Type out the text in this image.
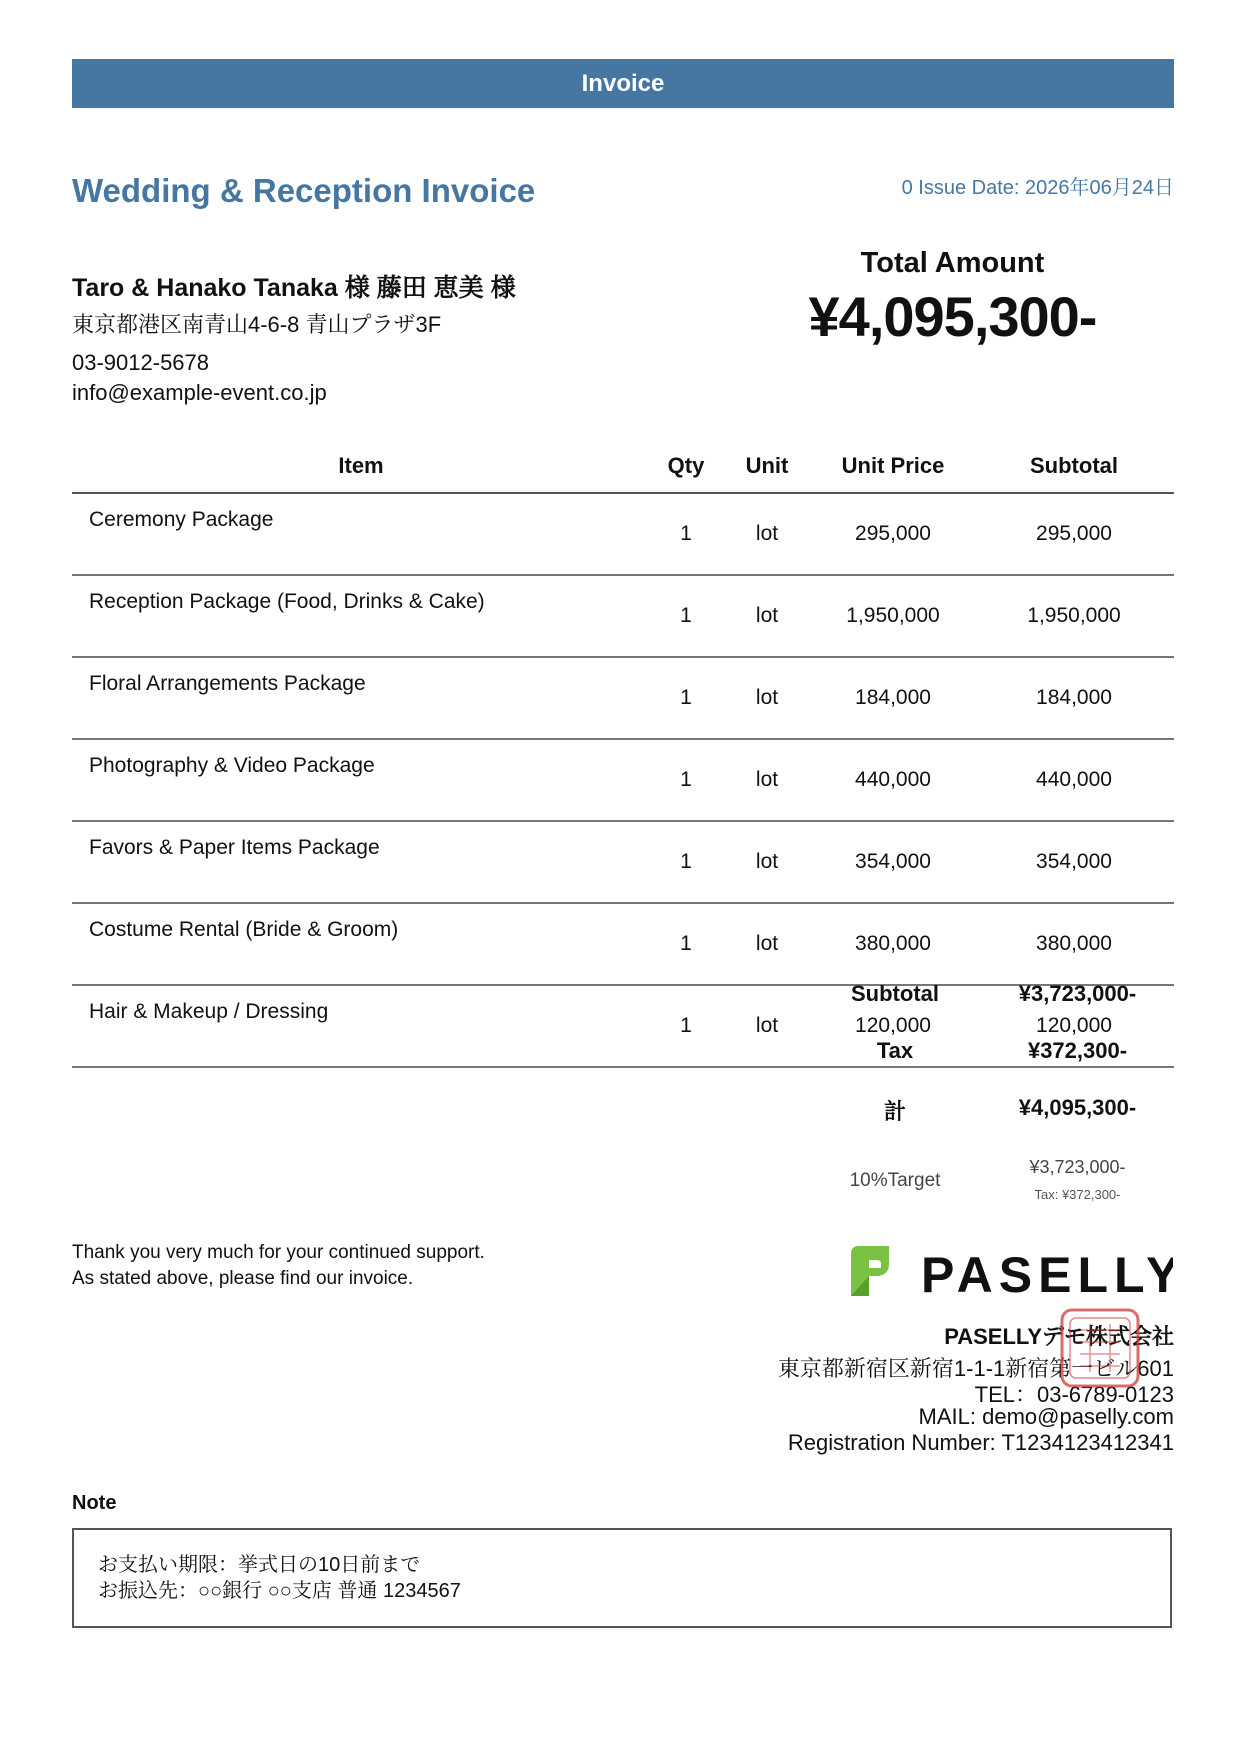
Invoice
Wedding & Reception Invoice	0 Issue Date: 2026年06月24日
Taro & Hanako Tanaka 様 藤田 恵美 様
東京都港区南青山4-6-8 青山プラザ3F
03-9012-5678
info@example-event.co.jp
Total Amount
¥4,095,300-
Item	Qty	Unit	Unit Price	Subtotal
Ceremony Package	1	lot	295,000	295,000
Reception Package (Food, Drinks & Cake)	1	lot	1,950,000	1,950,000
Floral Arrangements Package	1	lot	184,000	184,000
Photography & Video Package	1	lot	440,000	440,000
Favors & Paper Items Package	1	lot	354,000	354,000
Costume Rental (Bride & Groom)	1	lot	380,000	380,000
Hair & Makeup / Dressing	1	lot	120,000	120,000
Subtotal	¥3,723,000-
Tax	¥372,300-
計	¥4,095,300-
10%Target
¥3,723,000-
Tax: ¥372,300-
Thank you very much for your continued support.
As stated above, please find our invoice.	PASELLY
PASELLYデモ株式会社
東京都新宿区新宿1-1-1新宿第一ビル601
TEL：03-6789-0123
MAIL: demo@paselly.com
Registration Number: T1234123412341
Note
お支払い期限：挙式日の10日前まで
お振込先：○○銀行 ○○支店 普通 1234567
